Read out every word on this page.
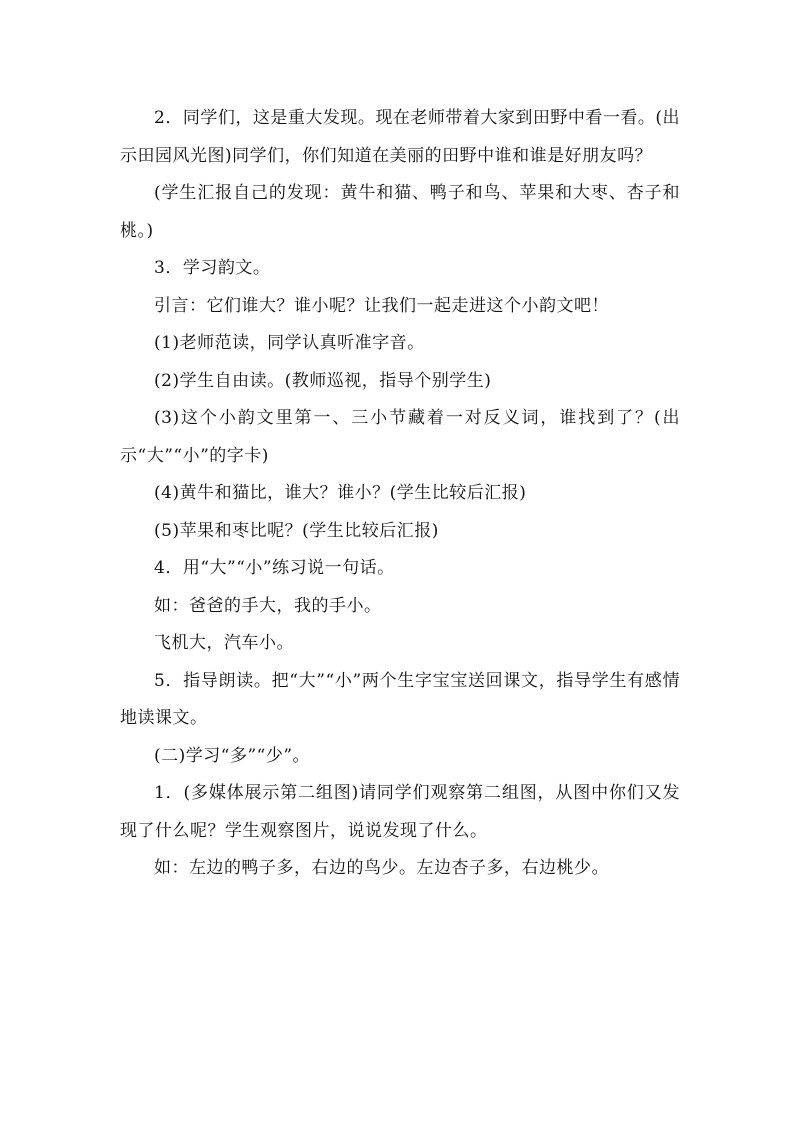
2．同学们，这是重大发现。现在老师带着大家到田野中看一看。(出示田园风光图)同学们，你们知道在美丽的田野中谁和谁是好朋友吗？

(学生汇报自己的发现：黄牛和猫、鸭子和鸟、苹果和大枣、杏子和桃。)

3．学习韵文。

引言：它们谁大？谁小呢？让我们一起走进这个小韵文吧！

(1)老师范读，同学认真听准字音。

(2)学生自由读。(教师巡视，指导个别学生)

(3)这个小韵文里第一、三小节藏着一对反义词，谁找到了？(出示“大”“小”的字卡)

(4)黄牛和猫比，谁大？谁小？(学生比较后汇报)

(5)苹果和枣比呢？(学生比较后汇报)

4．用“大”“小”练习说一句话。

如：爸爸的手大，我的手小。

飞机大，汽车小。

5．指导朗读。把“大”“小”两个生字宝宝送回课文，指导学生有感情地读课文。

(二)学习“多”“少”。

1．(多媒体展示第二组图)请同学们观察第二组图，从图中你们又发现了什么呢？学生观察图片，说说发现了什么。

如：左边的鸭子多，右边的鸟少。左边杏子多，右边桃少。
